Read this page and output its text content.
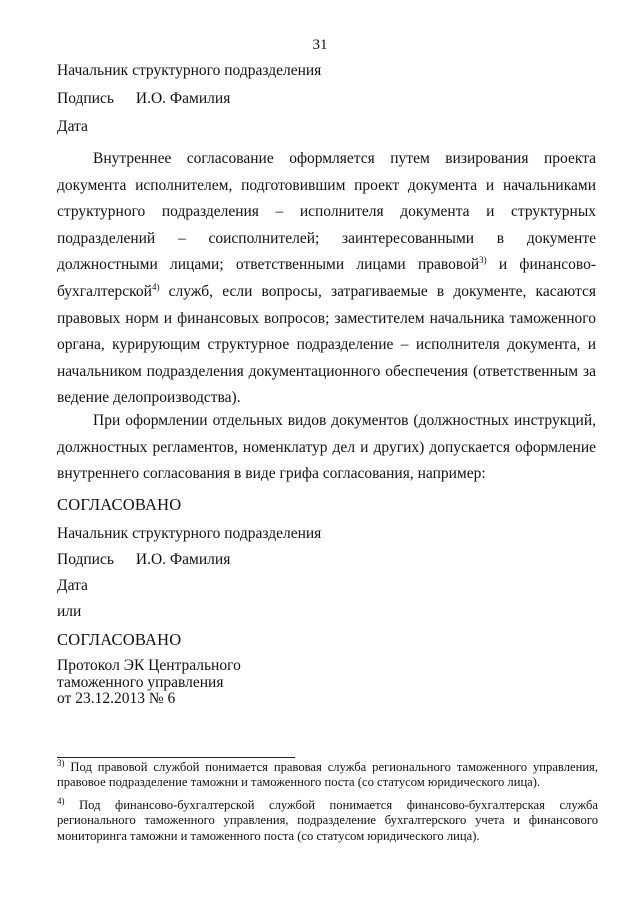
31
Начальник структурного подразделения
Подпись И.О. Фамилия
Дата
Внутреннее согласование оформляется путем визирования проекта документа исполнителем, подготовившим проект документа и начальниками структурного подразделения – исполнителя документа и структурных подразделений – соисполнителей; заинтересованными в документе должностными лицами; ответственными лицами правовой$^{3)}$ и финансово-бухгалтерской$^{4)}$ служб, если вопросы, затрагиваемые в документе, касаются правовых норм и финансовых вопросов; заместителем начальника таможенного органа, курирующим структурное подразделение – исполнителя документа, и начальником подразделения документационного обеспечения (ответственным за ведение делопроизводства).
При оформлении отдельных видов документов (должностных инструкций, должностных регламентов, номенклатур дел и других) допускается оформление внутреннего согласования в виде грифа согласования, например:
СОГЛАСОВАНО
Начальник структурного подразделения
Подпись И.О. Фамилия
Дата
или
СОГЛАСОВАНО
Протокол ЭК Центрального
таможенного управления
от 23.12.2013 № 6
$^{3)}$ Под правовой службой понимается правовая служба регионального таможенного управления, правовое подразделение таможни и таможенного поста (со статусом юридического лица).
$^{4)}$ Под финансово-бухгалтерской службой понимается финансово-бухгалтерская служба регионального таможенного управления, подразделение бухгалтерского учета и финансового мониторинга таможни и таможенного поста (со статусом юридического лица).
